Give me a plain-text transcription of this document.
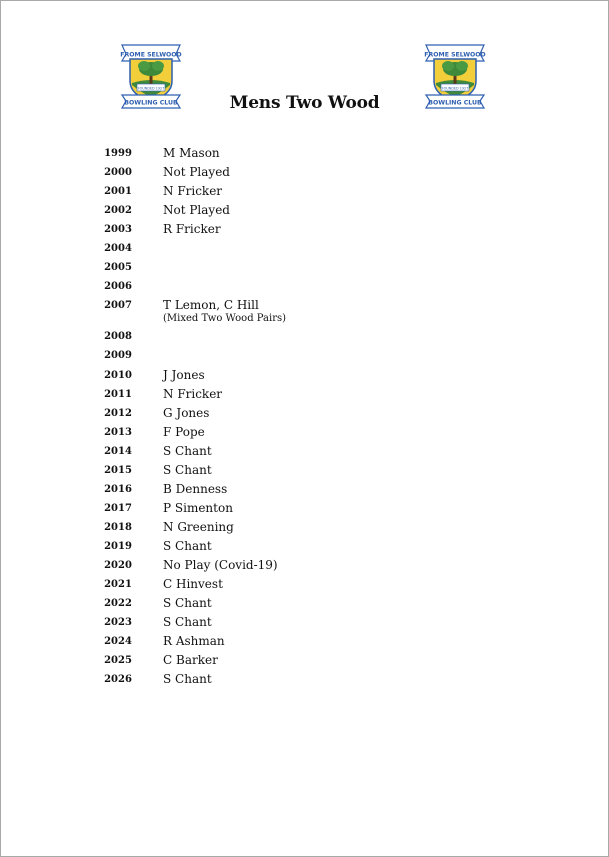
FROME SELWOOD
FOUNDED 1927
BOWLING CLUB
FROME SELWOOD
FOUNDED 1927
BOWLING CLUB
Mens Two Wood
1999	M Mason
2000	Not Played
2001	N Fricker
2002	Not Played
2003	R Fricker
2004
2005
2006
2007	T Lemon, C Hill
(Mixed Two Wood Pairs)
2008
2009
2010	J Jones
2011	N Fricker
2012	G Jones
2013	F Pope
2014	S Chant
2015	S Chant
2016	B Denness
2017	P Simenton
2018	N Greening
2019	S Chant
2020	No Play (Covid-19)
2021	C Hinvest
2022	S Chant
2023	S Chant
2024	R Ashman
2025	C Barker
2026	S Chant
